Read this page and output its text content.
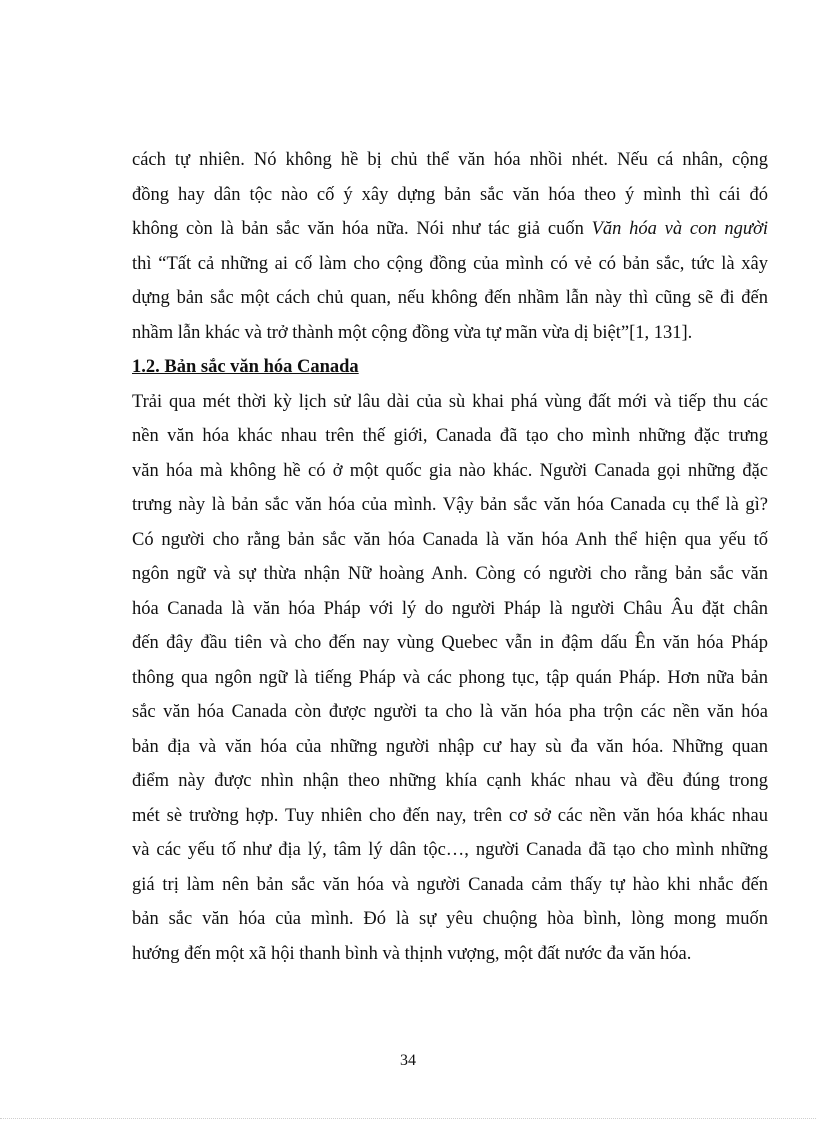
cách tự nhiên. Nó không hề bị chủ thể văn hóa nhồi nhét. Nếu cá nhân, cộng
đồng hay dân tộc nào cố ý xây dựng bản sắc văn hóa theo ý mình thì cái đó
không còn là bản sắc văn hóa nữa. Nói như tác giả cuốn Văn hóa và con người
thì “Tất cả những ai cố làm cho cộng đồng của mình có vẻ có bản sắc, tức là xây
dựng bản sắc một cách chủ quan, nếu không đến nhầm lẫn này thì cũng sẽ đi đến
nhầm lẫn khác và trở thành một cộng đồng vừa tự mãn vừa dị biệt”[1, 131].
1.2. Bản sắc văn hóa Canada
Trải qua mét thời kỳ lịch sử lâu dài của sù khai phá vùng đất mới và tiếp thu các
nền văn hóa khác nhau trên thế giới, Canada đã tạo cho mình những đặc trưng
văn hóa mà không hề có ở một quốc gia nào khác. Người Canada gọi những đặc
trưng này là bản sắc văn hóa của mình. Vậy bản sắc văn hóa Canada cụ thể là gì?
Có người cho rằng bản sắc văn hóa Canada là văn hóa Anh thể hiện qua yếu tố
ngôn ngữ và sự thừa nhận Nữ hoàng Anh. Còng có người cho rằng bản sắc văn
hóa Canada là văn hóa Pháp với lý do người Pháp là người Châu Âu đặt chân
đến đây đầu tiên và cho đến nay vùng Quebec vẫn in đậm dấu Ên văn hóa Pháp
thông qua ngôn ngữ là tiếng Pháp và các phong tục, tập quán Pháp. Hơn nữa bản
sắc văn hóa Canada còn được người ta cho là văn hóa pha trộn các nền văn hóa
bản địa và văn hóa của những người nhập cư hay sù đa văn hóa. Những quan
điểm này được nhìn nhận theo những khía cạnh khác nhau và đều đúng trong
mét sè trường hợp. Tuy nhiên cho đến nay, trên cơ sở các nền văn hóa khác nhau
và các yếu tố như địa lý, tâm lý dân tộc…, người Canada đã tạo cho mình những
giá trị làm nên bản sắc văn hóa và người Canada cảm thấy tự hào khi nhắc đến
bản sắc văn hóa của mình. Đó là sự yêu chuộng hòa bình, lòng mong muốn
hướng đến một xã hội thanh bình và thịnh vượng, một đất nước đa văn hóa.
34
